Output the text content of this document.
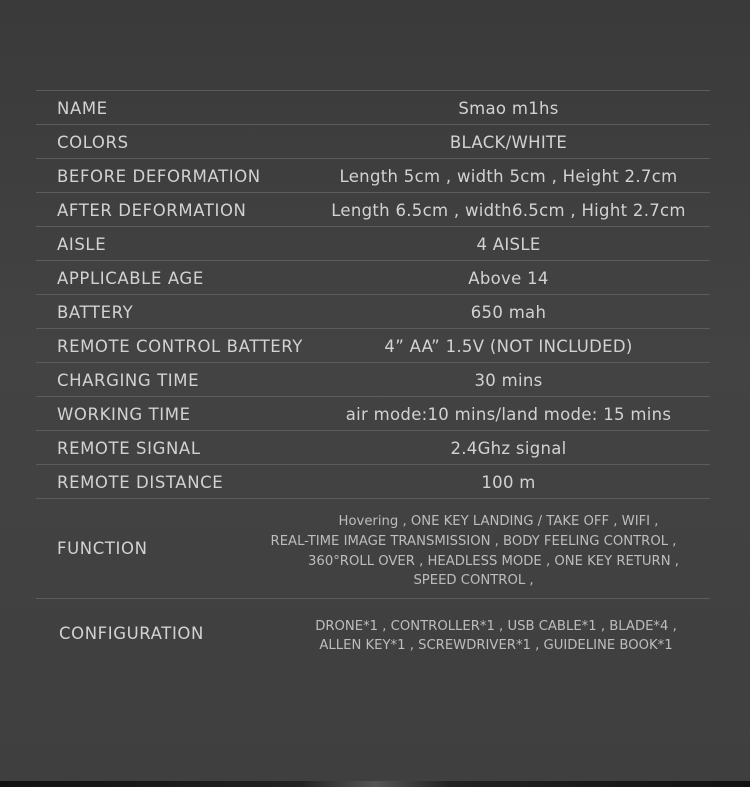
NAME	Smao m1hs
COLORS	BLACK/WHITE
BEFORE DEFORMATION	Length 5cm , width 5cm , Height 2.7cm
AFTER DEFORMATION	Length 6.5cm , width6.5cm , Hight 2.7cm
AISLE	4 AISLE
APPLICABLE AGE	Above 14
BATTERY	650 mah
REMOTE CONTROL BATTERY	4” AA” 1.5V (NOT INCLUDED)
CHARGING TIME	30 mins
WORKING TIME	air mode:10 mins/land mode: 15 mins
REMOTE SIGNAL	2.4Ghz signal
REMOTE DISTANCE	100 m
FUNCTION
Hovering , ONE KEY LANDING / TAKE OFF , WIFI ,
REAL-TIME IMAGE TRANSMISSION , BODY FEELING CONTROL ,
360°ROLL OVER , HEADLESS MODE , ONE KEY RETURN ,
SPEED CONTROL ,
CONFIGURATION	DRONE*1 , CONTROLLER*1 , USB CABLE*1 , BLADE*4 ,
ALLEN KEY*1 , SCREWDRIVER*1 , GUIDELINE BOOK*1
